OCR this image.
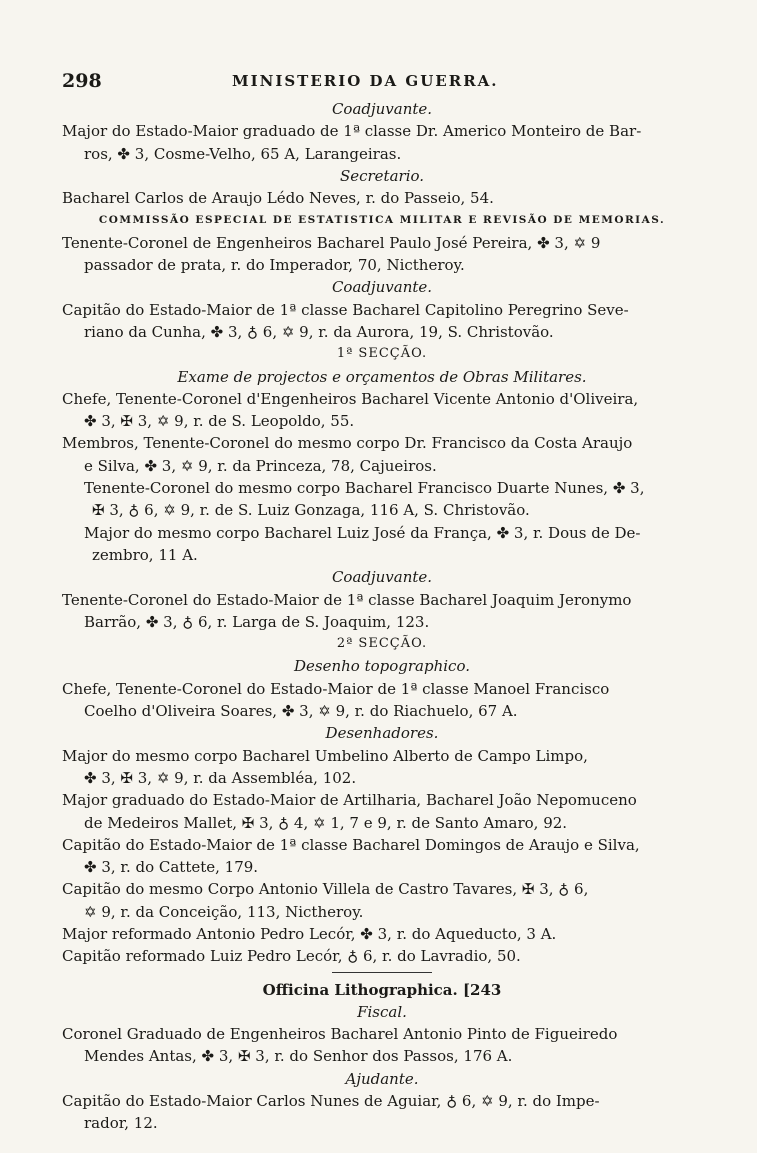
298	MINISTERIO DA GUERRA.
Coadjuvante.
Major do Estado-Maior graduado de 1ª classe Dr. Americo Monteiro de Bar-
ros, ✤ 3, Cosme-Velho, 65 A, Larangeiras.
Secretario.
Bacharel Carlos de Araujo Lédo Neves, r. do Passeio, 54.
COMMISSÃO ESPECIAL DE ESTATISTICA MILITAR E REVISÃO DE MEMORIAS.
Tenente-Coronel de Engenheiros Bacharel Paulo José Pereira, ✤ 3, ✡ 9
passador de prata, r. do Imperador, 70, Nictheroy.
Coadjuvante.
Capitão do Estado-Maior de 1ª classe Bacharel Capitolino Peregrino Seve-
riano da Cunha, ✤ 3, ♁ 6, ✡ 9, r. da Aurora, 19, S. Christovão.
1ª SECÇÃO.
Exame de projectos e orçamentos de Obras Militares.
Chefe, Tenente-Coronel d'Engenheiros Bacharel Vicente Antonio d'Oliveira,
✤ 3, ✠ 3, ✡ 9, r. de S. Leopoldo, 55.
Membros, Tenente-Coronel do mesmo corpo Dr. Francisco da Costa Araujo
e Silva, ✤ 3, ✡ 9, r. da Princeza, 78, Cajueiros.
Tenente-Coronel do mesmo corpo Bacharel Francisco Duarte Nunes, ✤ 3,
✠ 3, ♁ 6, ✡ 9, r. de S. Luiz Gonzaga, 116 A, S. Christovão.
Major do mesmo corpo Bacharel Luiz José da França, ✤ 3, r. Dous de De-
zembro, 11 A.
Coadjuvante.
Tenente-Coronel do Estado-Maior de 1ª classe Bacharel Joaquim Jeronymo
Barrão, ✤ 3, ♁ 6, r. Larga de S. Joaquim, 123.
2ª SECÇÃO.
Desenho topographico.
Chefe, Tenente-Coronel do Estado-Maior de 1ª classe Manoel Francisco
Coelho d'Oliveira Soares, ✤ 3, ✡ 9, r. do Riachuelo, 67 A.
Desenhadores.
Major do mesmo corpo Bacharel Umbelino Alberto de Campo Limpo,
✤ 3, ✠ 3, ✡ 9, r. da Assembléa, 102.
Major graduado do Estado-Maior de Artilharia, Bacharel João Nepomuceno
de Medeiros Mallet, ✠ 3, ♁ 4, ✡ 1, 7 e 9, r. de Santo Amaro, 92.
Capitão do Estado-Maior de 1ª classe Bacharel Domingos de Araujo e Silva,
✤ 3, r. do Cattete, 179.
Capitão do mesmo Corpo Antonio Villela de Castro Tavares, ✠ 3, ♁ 6,
✡ 9, r. da Conceição, 113, Nictheroy.
Major reformado Antonio Pedro Lecór, ✤ 3, r. do Aqueducto, 3 A.
Capitão reformado Luiz Pedro Lecór, ♁ 6, r. do Lavradio, 50.
Officina Lithographica. [243
Fiscal.
Coronel Graduado de Engenheiros Bacharel Antonio Pinto de Figueiredo
Mendes Antas, ✤ 3, ✠ 3, r. do Senhor dos Passos, 176 A.
Ajudante.
Capitão do Estado-Maior Carlos Nunes de Aguiar, ♁ 6, ✡ 9, r. do Impe-
rador, 12.
